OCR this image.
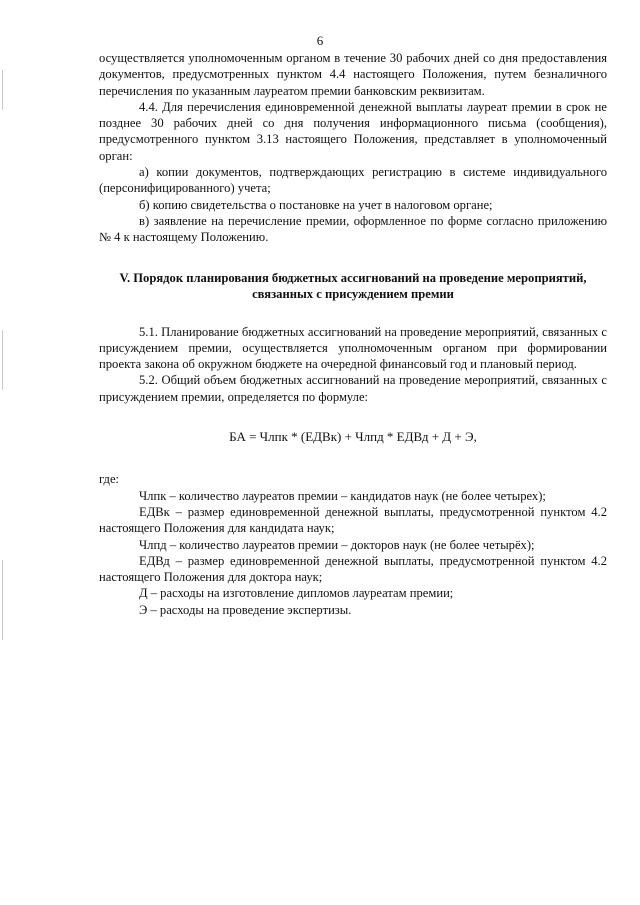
6

осуществляется уполномоченным органом в течение 30 рабочих дней со дня предоставления документов, предусмотренных пунктом 4.4 настоящего Положения, путем безналичного перечисления по указанным лауреатом премии банковским реквизитам.

4.4. Для перечисления единовременной денежной выплаты лауреат премии в срок не позднее 30 рабочих дней со дня получения информационного письма (сообщения), предусмотренного пунктом 3.13 настоящего Положения, представляет в уполномоченный орган:

а) копии документов, подтверждающих регистрацию в системе индивидуального (персонифицированного) учета;

б) копию свидетельства о постановке на учет в налоговом органе;

в) заявление на перечисление премии, оформленное по форме согласно приложению № 4 к настоящему Положению.

V. Порядок планирования бюджетных ассигнований на проведение мероприятий, связанных с присуждением премии

5.1. Планирование бюджетных ассигнований на проведение мероприятий, связанных с присуждением премии, осуществляется уполномоченным органом при формировании проекта закона об окружном бюджете на очередной финансовый год и плановый период.

5.2. Общий объем бюджетных ассигнований на проведение мероприятий, связанных с присуждением премии, определяется по формуле:

БА = Члпк * (ЕДВк) + Члпд * ЕДВд + Д + Э,

где:

Члпк – количество лауреатов премии – кандидатов наук (не более четырех);

ЕДВк – размер единовременной денежной выплаты, предусмотренной пунктом 4.2 настоящего Положения для кандидата наук;

Члпд – количество лауреатов премии – докторов наук (не более четырёх);

ЕДВд – размер единовременной денежной выплаты, предусмотренной пунктом 4.2 настоящего Положения для доктора наук;

Д – расходы на изготовление дипломов лауреатам премии;

Э – расходы на проведение экспертизы.
